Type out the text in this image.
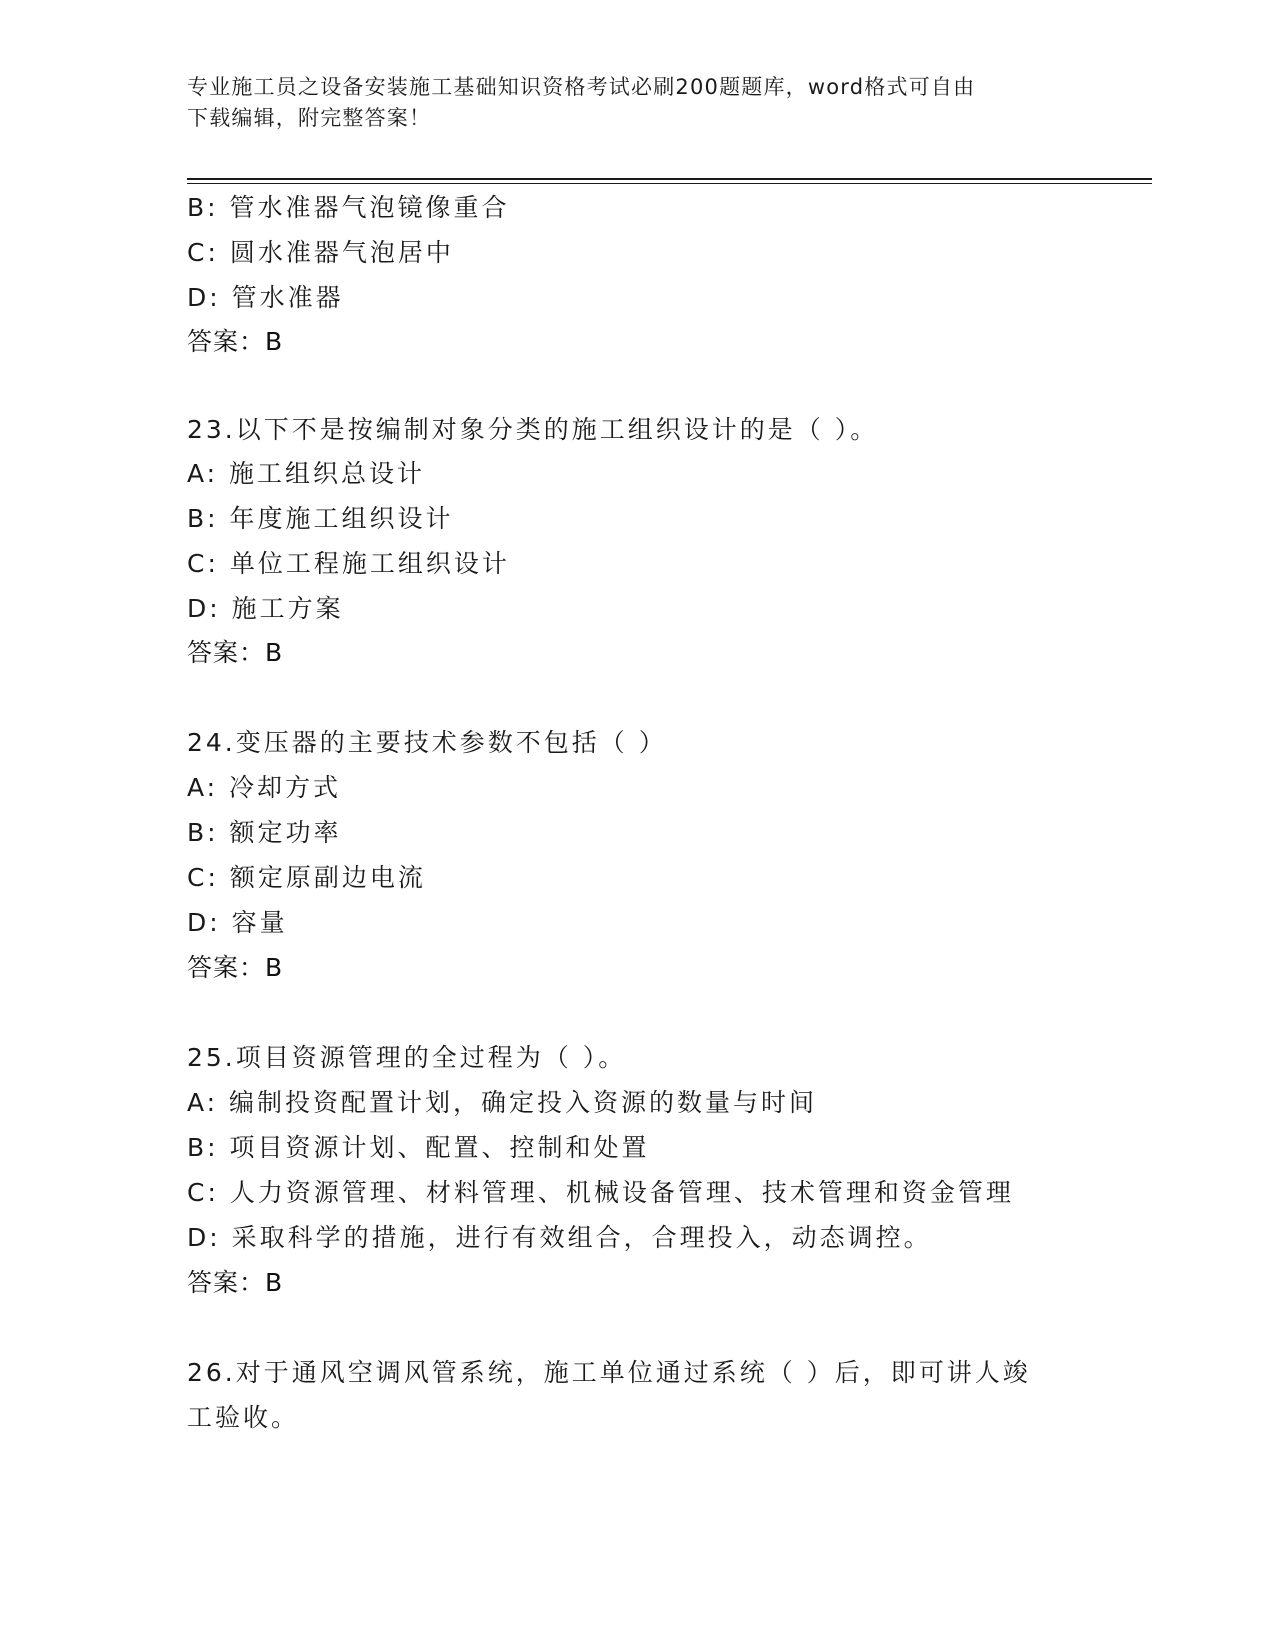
专业施工员之设备安装施工基础知识资格考试必刷200题题库，word格式可自由
下载编辑，附完整答案！
B: 管水准器气泡镜像重合
C: 圆水准器气泡居中
D: 管水准器
答案：B
23.以下不是按编制对象分类的施工组织设计的是（ ）。
A: 施工组织总设计
B: 年度施工组织设计
C: 单位工程施工组织设计
D: 施工方案
答案：B
24.变压器的主要技术参数不包括（ ）
A: 冷却方式
B: 额定功率
C: 额定原副边电流
D: 容量
答案：B
25.项目资源管理的全过程为（ ）。
A: 编制投资配置计划，确定投入资源的数量与时间
B: 项目资源计划、配置、控制和处置
C: 人力资源管理、材料管理、机械设备管理、技术管理和资金管理
D: 采取科学的措施，进行有效组合，合理投入，动态调控。
答案：B
26.对于通风空调风管系统，施工单位通过系统（ ）后，即可讲人竣
工验收。
